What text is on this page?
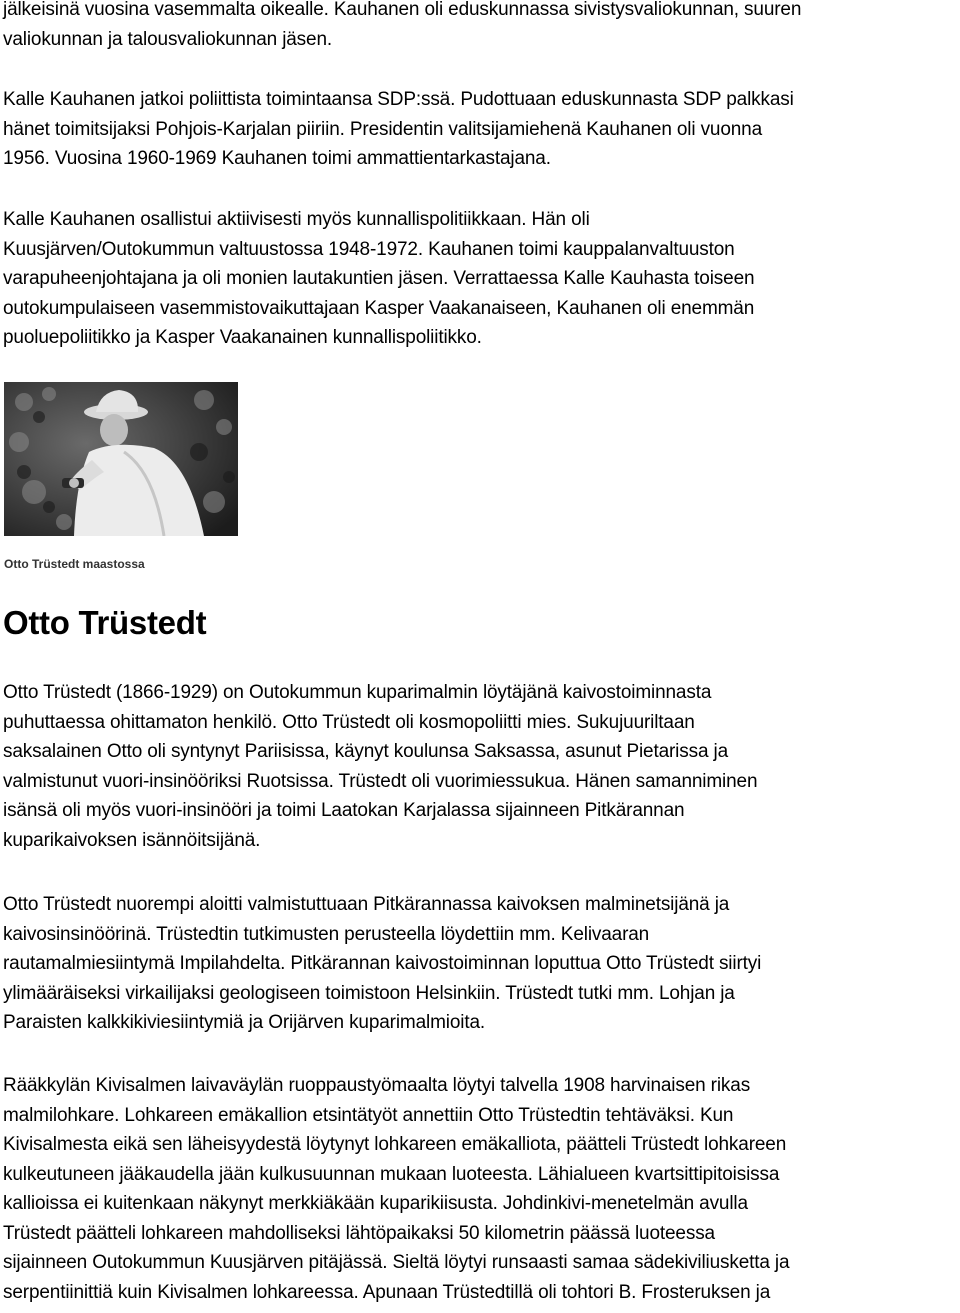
jälkeisinä vuosina vasemmalta oikealle. Kauhanen oli eduskunnassa sivistysvaliokunnan, suuren
valiokunnan ja talousvaliokunnan jäsen.

Kalle Kauhanen jatkoi poliittista toimintaansa SDP:ssä. Pudottuaan eduskunnasta SDP palkkasi
hänet toimitsijaksi Pohjois-Karjalan piiriin. Presidentin valitsijamiehenä Kauhanen oli vuonna
1956. Vuosina 1960-1969 Kauhanen toimi ammattientarkastajana.

Kalle Kauhanen osallistui aktiivisesti myös kunnallispolitiikkaan. Hän oli
Kuusjärven/Outokummun valtuustossa 1948-1972. Kauhanen toimi kauppalanvaltuuston
varapuheenjohtajana ja oli monien lautakuntien jäsen. Verrattaessa Kalle Kauhasta toiseen
outokumpulaiseen vasemmistovaikuttajaan Kasper Vaakanaiseen, Kauhanen oli enemmän
puoluepoliitikko ja Kasper Vaakanainen kunnallispoliitikko.

Otto Trüstedt maastossa

Otto Trüstedt

Otto Trüstedt (1866-1929) on Outokummun kuparimalmin löytäjänä kaivostoiminnasta
puhuttaessa ohittamaton henkilö. Otto Trüstedt oli kosmopoliitti mies. Sukujuuriltaan
saksalainen Otto oli syntynyt Pariisissa, käynyt koulunsa Saksassa, asunut Pietarissa ja
valmistunut vuori-insinööriksi Ruotsissa. Trüstedt oli vuorimiessukua. Hänen samanniminen
isänsä oli myös vuori-insinööri ja toimi Laatokan Karjalassa sijainneen Pitkärannan
kuparikaivoksen isännöitsijänä.

Otto Trüstedt nuorempi aloitti valmistuttuaan Pitkärannassa kaivoksen malminetsijänä ja
kaivosinsinöörinä. Trüstedtin tutkimusten perusteella löydettiin mm. Kelivaaran
rautamalmiesiintymä Impilahdelta. Pitkärannan kaivostoiminnan loputtua Otto Trüstedt siirtyi
ylimääräiseksi virkailijaksi geologiseen toimistoon Helsinkiin. Trüstedt tutki mm. Lohjan ja
Paraisten kalkkikiviesiintymiä ja Orijärven kuparimalmioita.

Rääkkylän Kivisalmen laivaväylän ruoppaustyömaalta löytyi talvella 1908 harvinaisen rikas
malmilohkare. Lohkareen emäkallion etsintätyöt annettiin Otto Trüstedtin tehtäväksi. Kun
Kivisalmesta eikä sen läheisyydestä löytynyt lohkareen emäkalliota, päätteli Trüstedt lohkareen
kulkeutuneen jääkaudella jään kulkusuunnan mukaan luoteesta. Lähialueen kvartsittipitoisissa
kallioissa ei kuitenkaan näkynyt merkkiäkään kuparikiisusta. Johdinkivi-menetelmän avulla
Trüstedt päätteli lohkareen mahdolliseksi lähtöpaikaksi 50 kilometrin päässä luoteessa
sijainneen Outokummun Kuusjärven pitäjässä. Sieltä löytyi runsaasti samaa sädekiviliusketta ja
serpentiinittiä kuin Kivisalmen lohkareessa. Apunaan Trüstedtillä oli tohtori B. Frosteruksen ja
